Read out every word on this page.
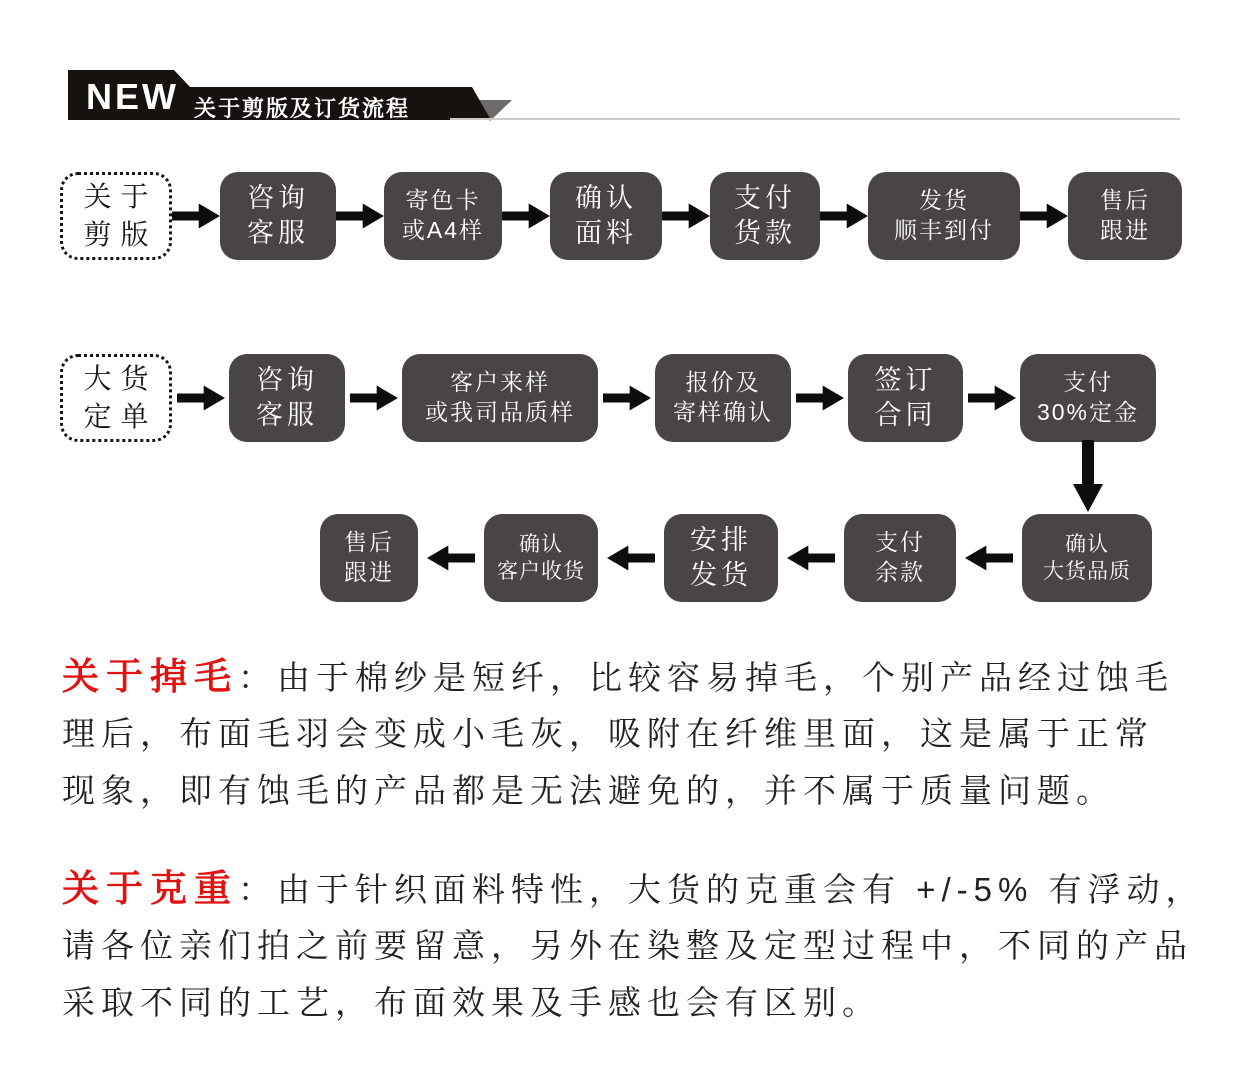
NEW 关于剪版及订货流程
关于
剪版
咨询
客服
寄色卡
或A4样
确认
面料
支付
货款
发货
顺丰到付
售后
跟进
大货
定单
咨询
客服
客户来样
或我司品质样
报价及
寄样确认
签订
合同
支付
30%定金
售后
跟进
确认
客户收货
安排
发货
支付
余款
确认
大货品质
关于掉毛：由于棉纱是短纤，比较容易掉毛，个别产品经过蚀毛
理后，布面毛羽会变成小毛灰，吸附在纤维里面，这是属于正常
现象，即有蚀毛的产品都是无法避免的，并不属于质量问题。
关于克重：由于针织面料特性，大货的克重会有 +/-5% 有浮动，
请各位亲们拍之前要留意，另外在染整及定型过程中，不同的产品
采取不同的工艺，布面效果及手感也会有区别。
